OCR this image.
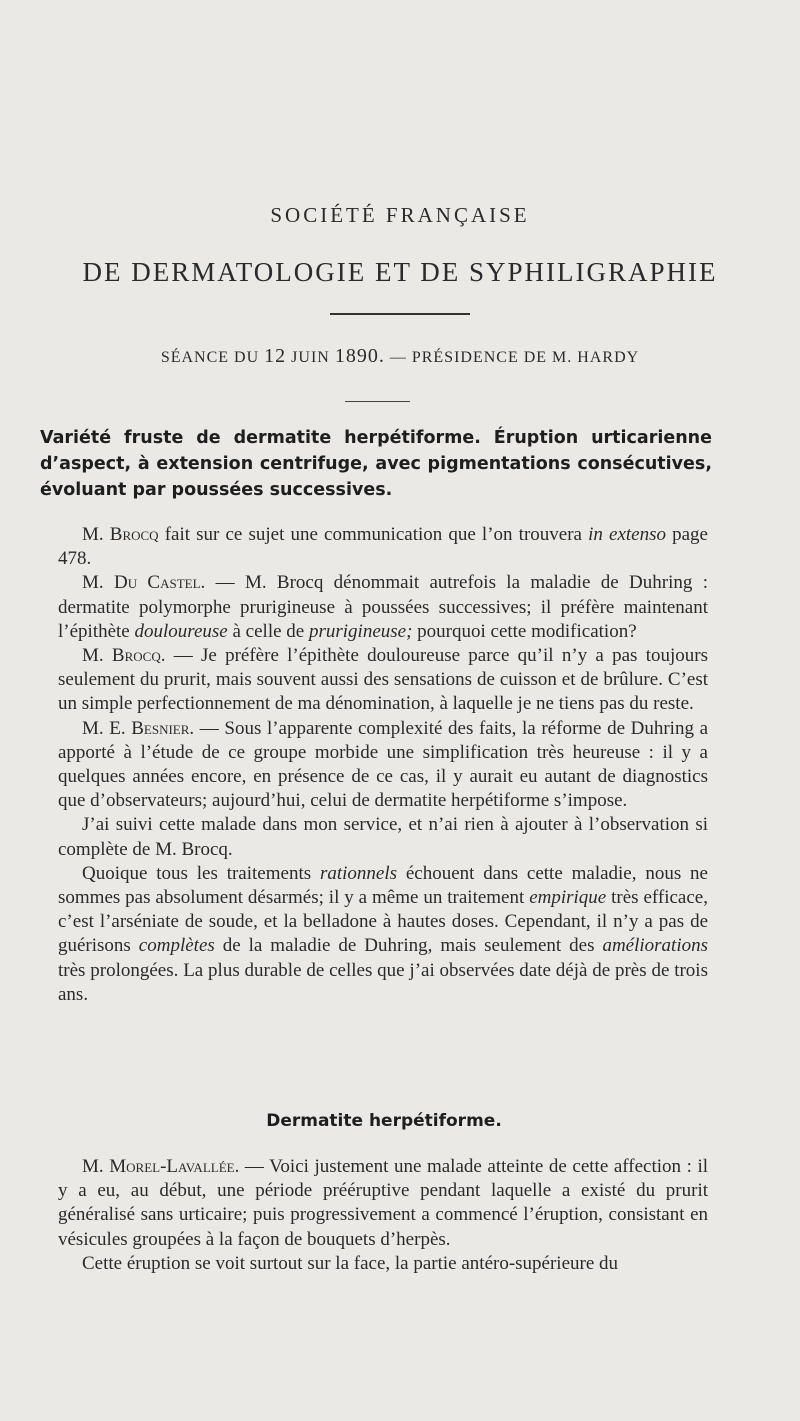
SOCIÉTÉ FRANÇAISE
DE DERMATOLOGIE ET DE SYPHILIGRAPHIE
SÉANCE DU 12 JUIN 1890. — PRÉSIDENCE DE M. HARDY
Variété fruste de dermatite herpétiforme. Éruption urticarienne d’aspect, à extension centrifuge, avec pigmentations consécutives, évoluant par poussées successives.

M. Brocq fait sur ce sujet une communication que l’on trouvera in extenso page 478.

M. Du Castel. — M. Brocq dénommait autrefois la maladie de Duhring : dermatite polymorphe prurigineuse à poussées successives; il préfère maintenant l’épithète douloureuse à celle de prurigineuse; pourquoi cette modification?

M. Brocq. — Je préfère l’épithète douloureuse parce qu’il n’y a pas toujours seulement du prurit, mais souvent aussi des sensations de cuisson et de brûlure. C’est un simple perfectionnement de ma dénomination, à laquelle je ne tiens pas du reste.

M. E. Besnier. — Sous l’apparente complexité des faits, la réforme de Duhring a apporté à l’étude de ce groupe morbide une simplification très heureuse : il y a quelques années encore, en présence de ce cas, il y aurait eu autant de diagnostics que d’observateurs; aujourd’hui, celui de dermatite herpétiforme s’impose.

J’ai suivi cette malade dans mon service, et n’ai rien à ajouter à l’observation si complète de M. Brocq.

Quoique tous les traitements rationnels échouent dans cette maladie, nous ne sommes pas absolument désarmés; il y a même un traitement empirique très efficace, c’est l’arséniate de soude, et la belladone à hautes doses. Cependant, il n’y a pas de guérisons complètes de la maladie de Duhring, mais seulement des améliorations très prolongées. La plus durable de celles que j’ai observées date déjà de près de trois ans.

Dermatite herpétiforme.

M. Morel-Lavallée. — Voici justement une malade atteinte de cette affection : il y a eu, au début, une période prééruptive pendant laquelle a existé du prurit généralisé sans urticaire; puis progressivement a commencé l’éruption, consistant en vésicules groupées à la façon de bouquets d’herpès.

Cette éruption se voit surtout sur la face, la partie antéro-supérieure du
